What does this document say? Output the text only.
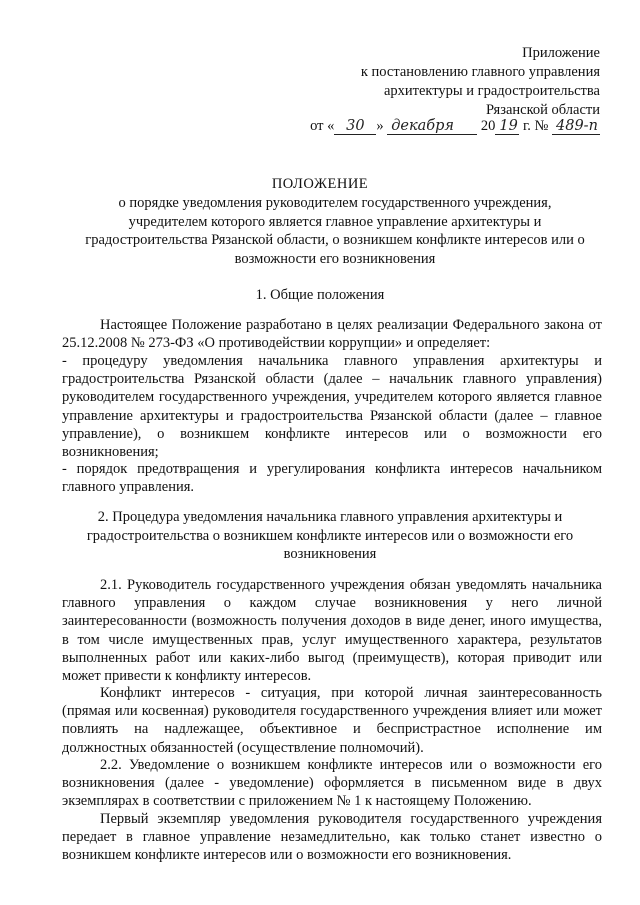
Приложение
к постановлению главного управления
архитектуры и градостроительства
Рязанской области
от « 30 » декабря 20 19 г. № 489-п
ПОЛОЖЕНИЕ
о порядке уведомления руководителем государственного учреждения, учредителем которого является главное управление архитектуры и градостроительства Рязанской области, о возникшем конфликте интересов или о возможности его возникновения
1. Общие положения
Настоящее Положение разработано в целях реализации Федерального закона от 25.12.2008 № 273-ФЗ «О противодействии коррупции» и определяет:
- процедуру уведомления начальника главного управления архитектуры и градостроительства Рязанской области (далее – начальник главного управления) руководителем государственного учреждения, учредителем которого является главное управление архитектуры и градостроительства Рязанской области (далее – главное управление), о возникшем конфликте интересов или о возможности его возникновения;
- порядок предотвращения и урегулирования конфликта интересов начальником главного управления.
2. Процедура уведомления начальника главного управления архитектуры и градостроительства о возникшем конфликте интересов или о возможности его возникновения
2.1. Руководитель государственного учреждения обязан уведомлять начальника главного управления о каждом случае возникновения у него личной заинтересованности (возможность получения доходов в виде денег, иного имущества, в том числе имущественных прав, услуг имущественного характера, результатов выполненных работ или каких-либо выгод (преимуществ), которая приводит или может привести к конфликту интересов.
Конфликт интересов - ситуация, при которой личная заинтересованность (прямая или косвенная) руководителя государственного учреждения влияет или может повлиять на надлежащее, объективное и беспристрастное исполнение им должностных обязанностей (осуществление полномочий).
2.2. Уведомление о возникшем конфликте интересов или о возможности его возникновения (далее - уведомление) оформляется в письменном виде в двух экземплярах в соответствии с приложением № 1 к настоящему Положению.
Первый экземпляр уведомления руководителя государственного учреждения передает в главное управление незамедлительно, как только станет известно о возникшем конфликте интересов или о возможности его возникновения.
